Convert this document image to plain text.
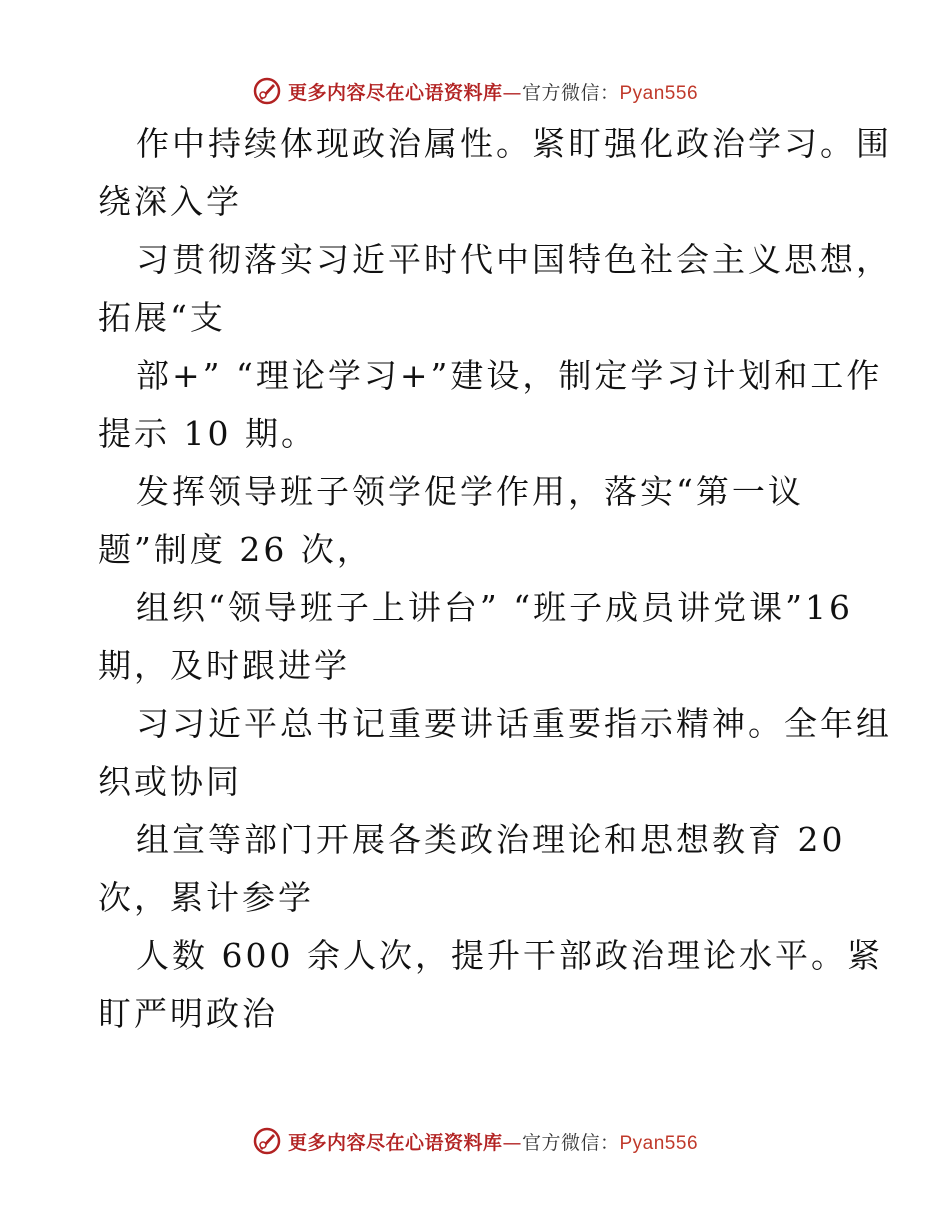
更多内容尽在心语资料库—官方微信：Pyan556
作中持续体现政治属性。紧盯强化政治学习。围
绕深入学
习贯彻落实习近平时代中国特色社会主义思想，
拓展“支
部+” “理论学习+”建设，制定学习计划和工作
提示 10 期。
发挥领导班子领学促学作用，落实“第一议
题”制度 26 次，
组织“领导班子上讲台” “班子成员讲党课”16
期，及时跟进学
习习近平总书记重要讲话重要指示精神。全年组
织或协同
组宣等部门开展各类政治理论和思想教育 20
次，累计参学
人数 600 余人次，提升干部政治理论水平。紧
盯严明政治
更多内容尽在心语资料库—官方微信：Pyan556
